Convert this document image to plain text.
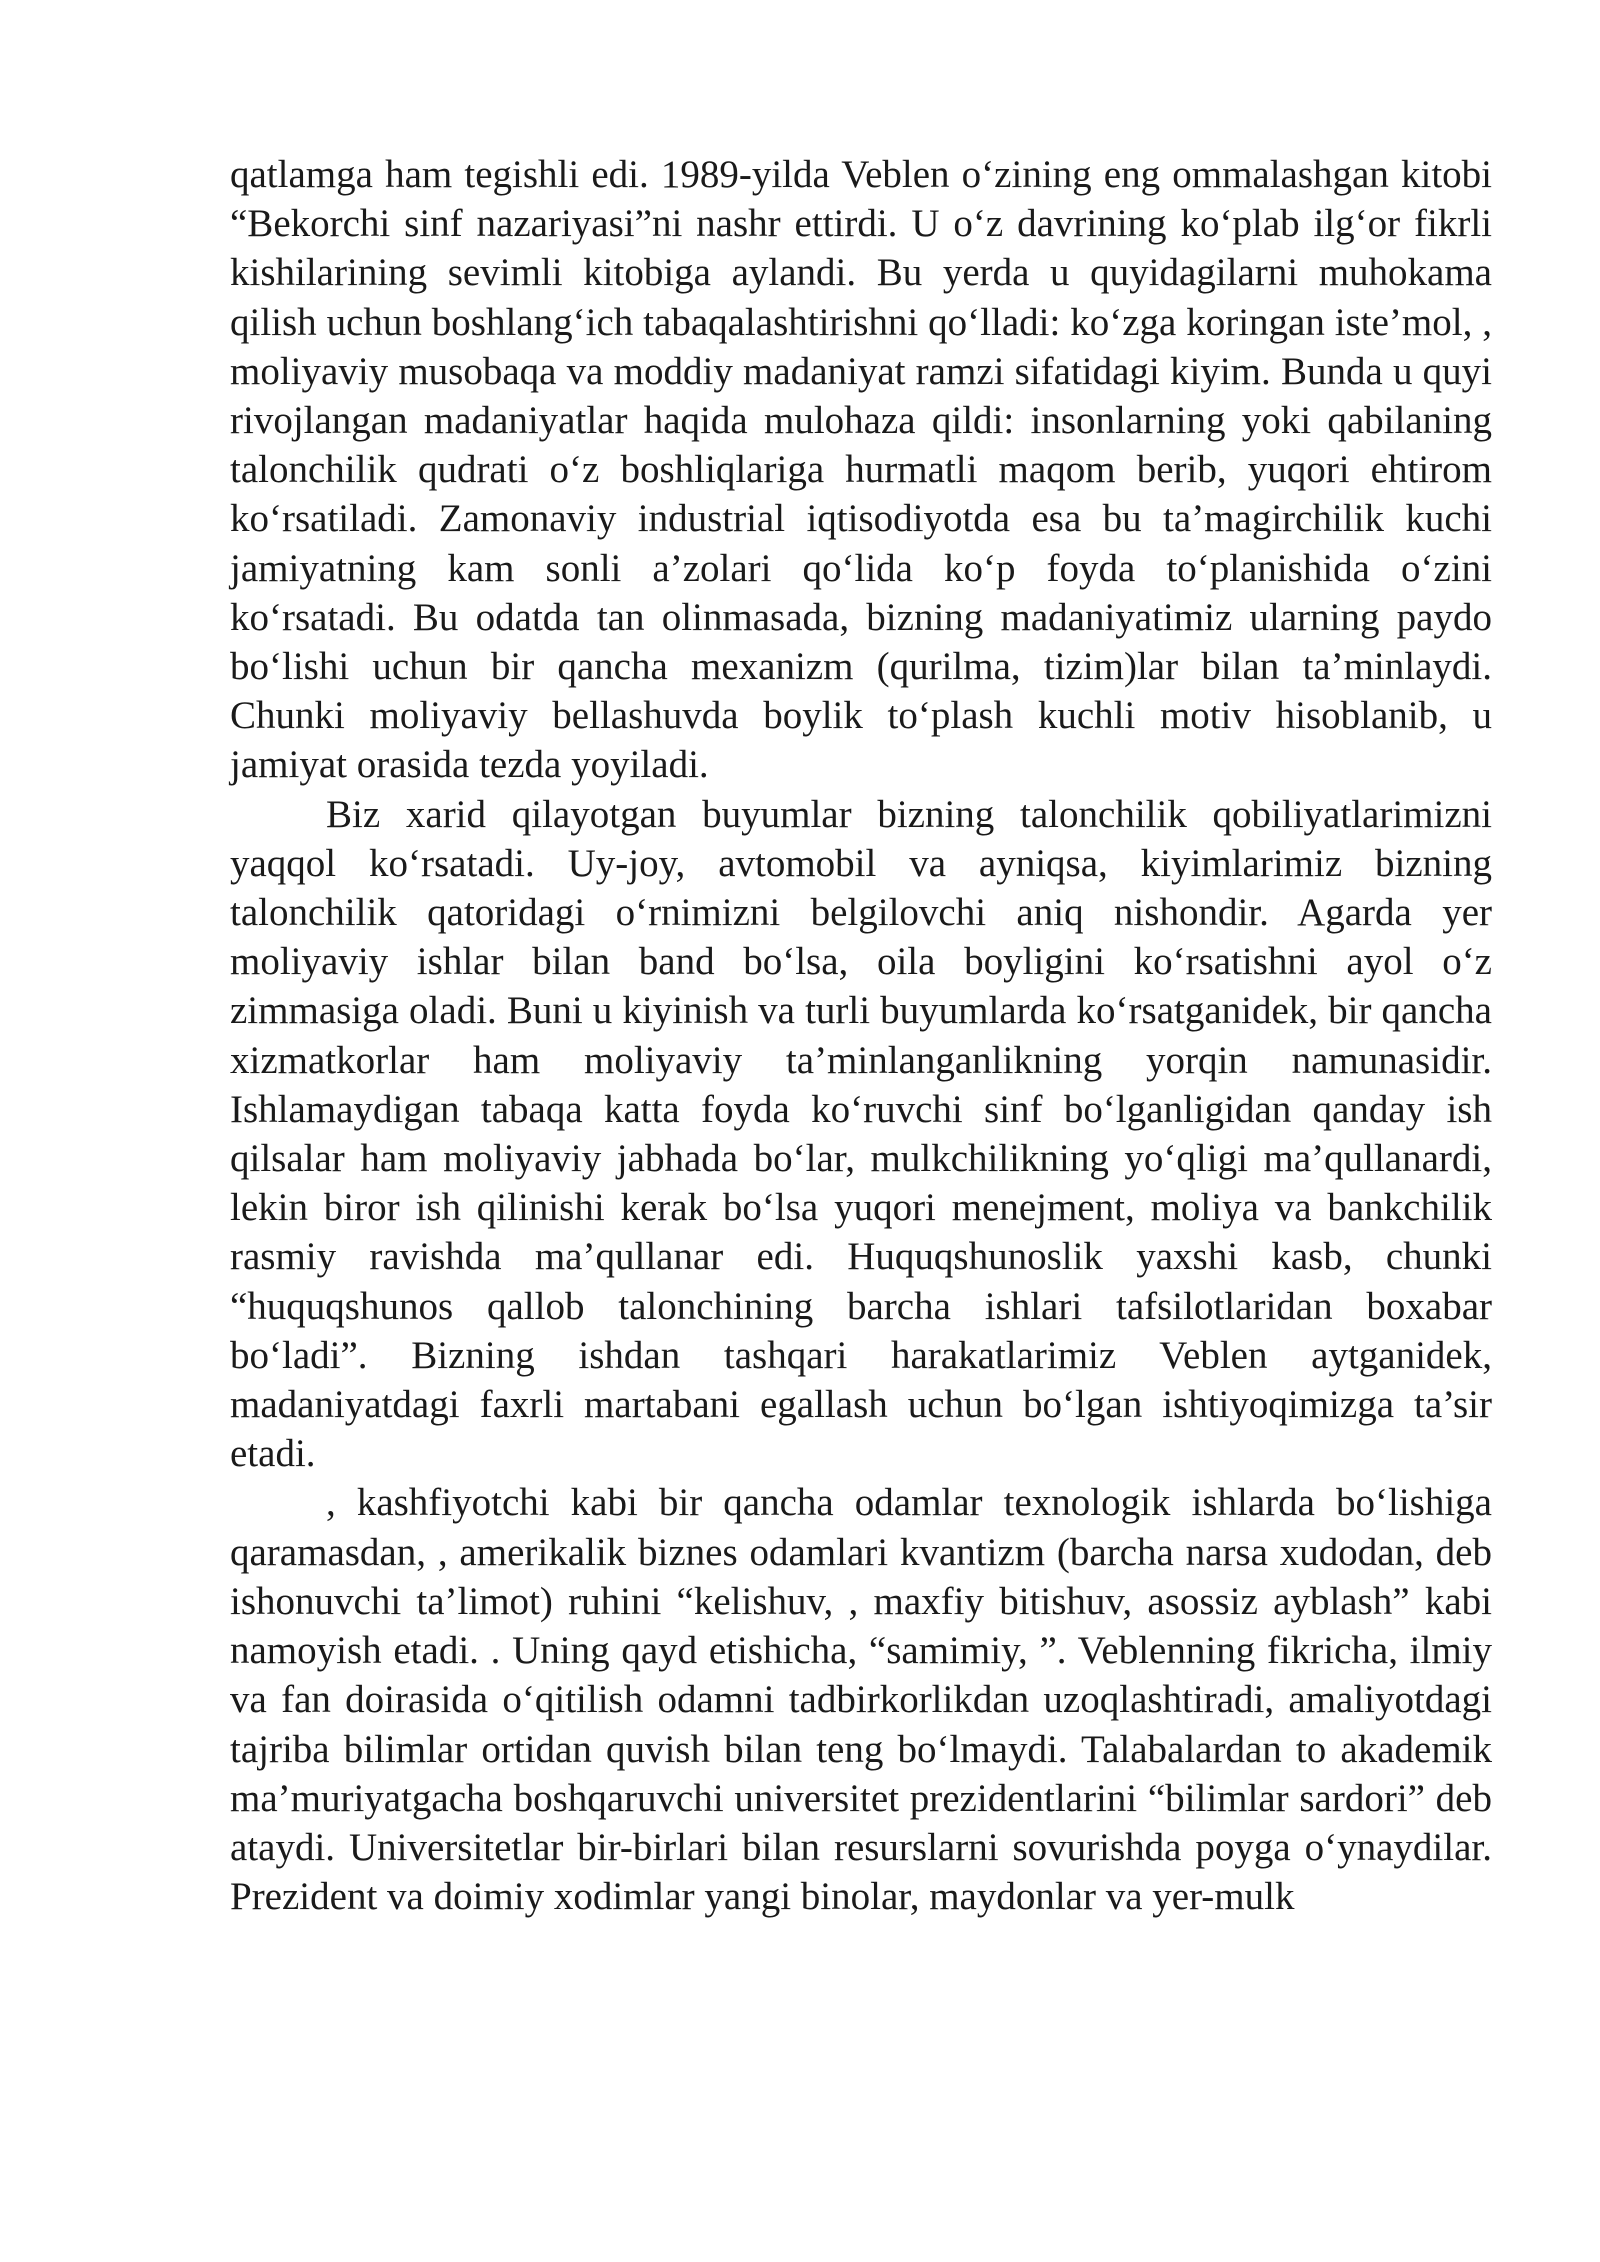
qatlamga ham tegishli edi. 1989-yilda Veblen o‘zining eng ommalashgan kitobi “Bekorchi sinf nazariyasi”ni nashr ettirdi. U o‘z davrining ko‘plab ilg‘or fikrli kishilarining sevimli kitobiga aylandi. Bu yerda u quyidagilarni muhokama qilish uchun boshlang‘ich tabaqalashtirishni qo‘lladi: ko‘zga koringan iste’mol, , moliyaviy musobaqa va moddiy madaniyat ramzi sifatidagi kiyim. Bunda u quyi rivojlangan madaniyatlar haqida mulohaza qildi: insonlarning yoki qabilaning talonchilik qudrati o‘z boshliqlariga hurmatli maqom berib, yuqori ehtirom ko‘rsatiladi. Zamonaviy industrial iqtisodiyotda esa bu ta’magirchilik kuchi jamiyatning kam sonli a’zolari qo‘lida ko‘p foyda to‘planishida o‘zini ko‘rsatadi. Bu odatda tan olinmasada, bizning madaniyatimiz ularning paydo bo‘lishi uchun bir qancha mexanizm (qurilma, tizim)lar bilan ta’minlaydi. Chunki moliyaviy bellashuvda boylik to‘plash kuchli motiv hisoblanib, u jamiyat orasida tezda yoyiladi.

Biz xarid qilayotgan buyumlar bizning talonchilik qobiliyatlarimizni yaqqol ko‘rsatadi. Uy-joy, avtomobil va ayniqsa, kiyimlarimiz bizning talonchilik qatoridagi o‘rnimizni belgilovchi aniq nishondir. Agarda yer moliyaviy ishlar bilan band bo‘lsa, oila boyligini ko‘rsatishni ayol o‘z zimmasiga oladi. Buni u kiyinish va turli buyumlarda ko‘rsatganidek, bir qancha xizmatkorlar ham moliyaviy ta’minlanganlikning yorqin namunasidir. Ishlamaydigan tabaqa katta foyda ko‘ruvchi sinf bo‘lganligidan qanday ish qilsalar ham moliyaviy jabhada bo‘lar, mulkchilikning yo‘qligi ma’qullanardi, lekin biror ish qilinishi kerak bo‘lsa yuqori menejment, moliya va bankchilik rasmiy ravishda ma’qullanar edi. Huquqshunoslik yaxshi kasb, chunki “huquqshunos qallob talonchining barcha ishlari tafsilotlaridan boxabar bo‘ladi”. Bizning ishdan tashqari harakatlarimiz Veblen aytganidek, madaniyatdagi faxrli martabani egallash uchun bo‘lgan ishtiyoqimizga ta’sir etadi.

, kashfiyotchi kabi bir qancha odamlar texnologik ishlarda bo‘lishiga qaramasdan, , amerikalik biznes odamlari kvantizm (barcha narsa xudodan, deb ishonuvchi ta’limot) ruhini “kelishuv, , maxfiy bitishuv, asossiz ayblash” kabi namoyish etadi. . Uning qayd etishicha, “samimiy, ”. Veblenning fikricha, ilmiy va fan doirasida o‘qitilish odamni tadbirkorlikdan uzoqlashtiradi, amaliyotdagi tajriba bilimlar ortidan quvish bilan teng bo‘lmaydi. Talabalardan to akademik ma’muriyatgacha boshqaruvchi universitet prezidentlarini “bilimlar sardori” deb ataydi. Universitetlar bir-birlari bilan resurslarni sovurishda poyga o‘ynaydilar. Prezident va doimiy xodimlar yangi binolar, maydonlar va yer-mulk
